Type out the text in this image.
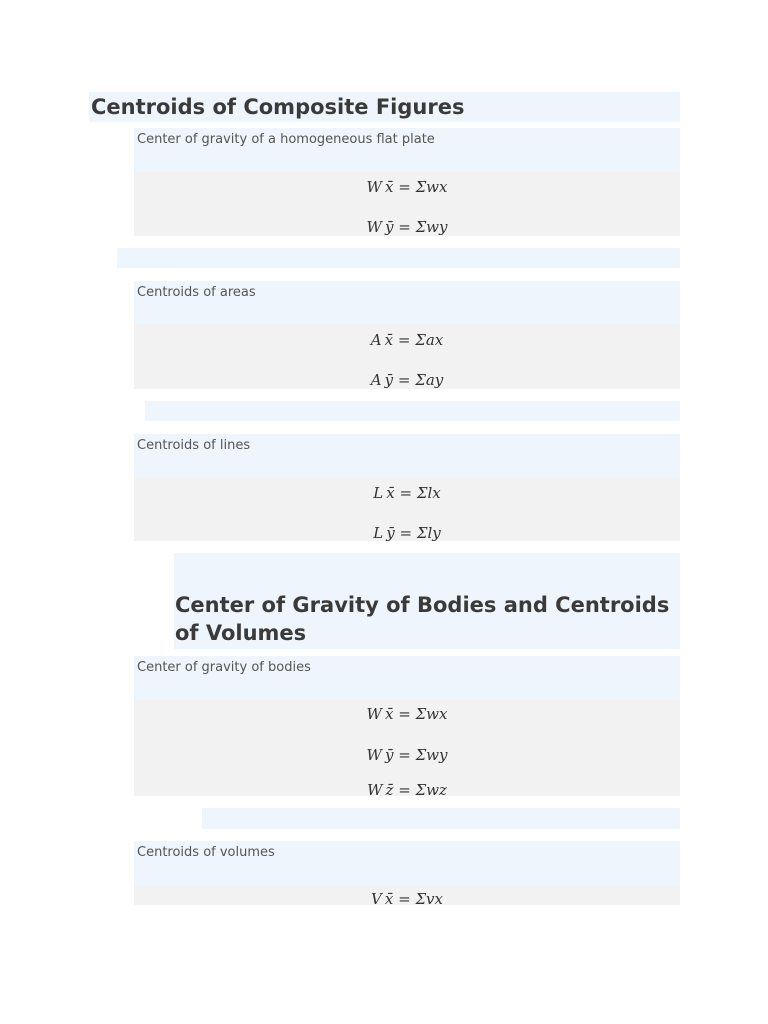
Centroids of Composite Figures
Center of gravity of a homogeneous flat plate
W  x̄ = Σwx
W  ȳ = Σwy
Centroids of areas
A  x̄ = Σax
A  ȳ = Σay
Centroids of lines
L  x̄ = Σlx
L  ȳ = Σly
Center of Gravity of Bodies and Centroids of Volumes
Center of gravity of bodies
W  x̄ = Σwx
W  ȳ = Σwy
W  z̄ = Σwz
Centroids of volumes
V  x̄ = Σvx
